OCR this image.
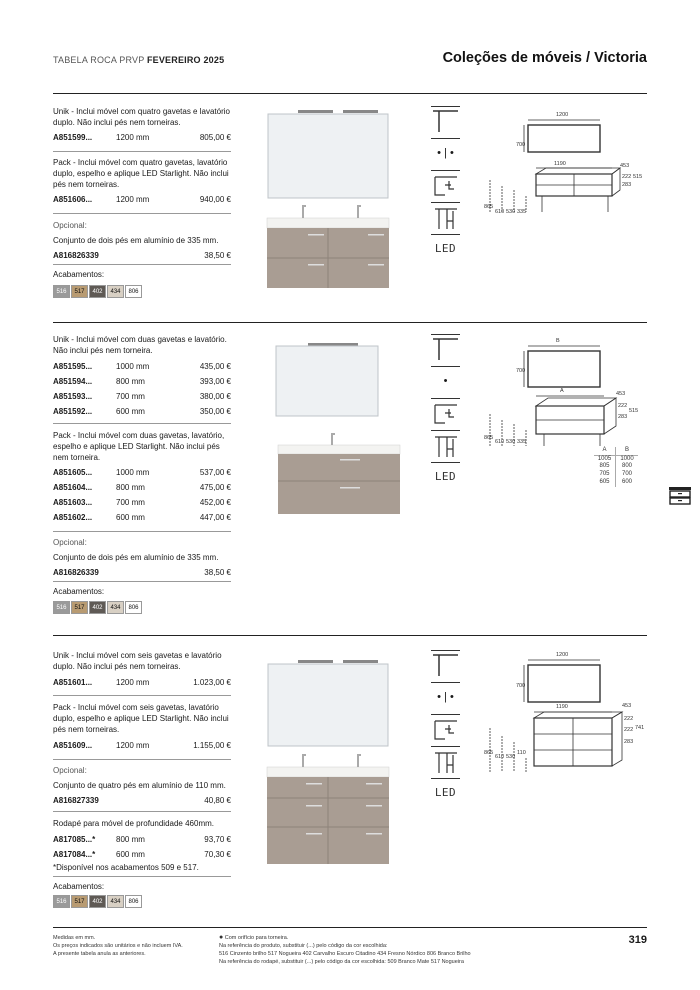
TABELA ROCA PRVP FEVEREIRO 2025	Coleções de móveis / Victoria
Unik - Inclui móvel com quatro gavetas e lavatório duplo. Não inclui pés nem torneiras.
A851599...	1200 mm	805,00 €
Pack - Inclui móvel com quatro gavetas, lavatório duplo, espelho e aplique LED Starlight. Não inclui pés nem torneiras.
A851606...	1200 mm	940,00 €
Opcional:
Conjunto de dois pés em alumínio de 335 mm.
A816826339	38,50 €
Acabamentos:
516	517	402	434	806
• | •
LED
1200
700
1190	453
222 515
283
865
610 530 335
Unik - Inclui móvel com duas gavetas e lavatório. Não inclui pés nem torneira.
A851595...	1000 mm	435,00 €
A851594...	800 mm	393,00 €
A851593...	700 mm	380,00 €
A851592...	600 mm	350,00 €
Pack - Inclui móvel com duas gavetas, lavatório, espelho e aplique LED Starlight. Não inclui pés nem torneira.
A851605...	1000 mm	537,00 €
A851604...	800 mm	475,00 €
A851603...	700 mm	452,00 €
A851602...	600 mm	447,00 €
Opcional:
Conjunto de dois pés em alumínio de 335 mm.
A816826339	38,50 €
Acabamentos:
516	517	402	434	806
•
LED
B
700
A	453
222
515
283
865
610 530 335
A	B
1005	1000
805	800
705	700
605	600
Unik - Inclui móvel com seis gavetas e lavatório duplo. Não inclui pés nem torneiras.
A851601...	1200 mm	1.023,00 €
Pack - Inclui móvel com seis gavetas, lavatório duplo, espelho e aplique LED Starlight. Não inclui pés nem torneiras.
A851609...	1200 mm	1.155,00 €
Opcional:
Conjunto de quatro pés em alumínio de 110 mm.
A816827339	40,80 €
Rodapé para móvel de profundidade 460mm.
A817085...*	800 mm	93,70 €
A817084...*	600 mm	70,30 €
*Disponível nos acabamentos 509 e 517.
Acabamentos:
516	517	402	434	806
• | •
LED
1200
700
1190	453
222
741
222
283
865
610 530
110
Medidas em mm.
Os preços indicados são unitários e não incluem IVA.
A presente tabela anula as anteriores.
● Com orifício para torneira.
Na referência do produto, substituir (...) pelo código da cor escolhida:
516 Cinzento brilho 517 Nogueira 402 Carvalho Escuro Citadino 434 Fresno Nórdico 806 Branco Brilho
Na referência do rodapé, substituir (...) pelo código da cor escolhida: 509 Branco Mate 517 Nogueira
319
